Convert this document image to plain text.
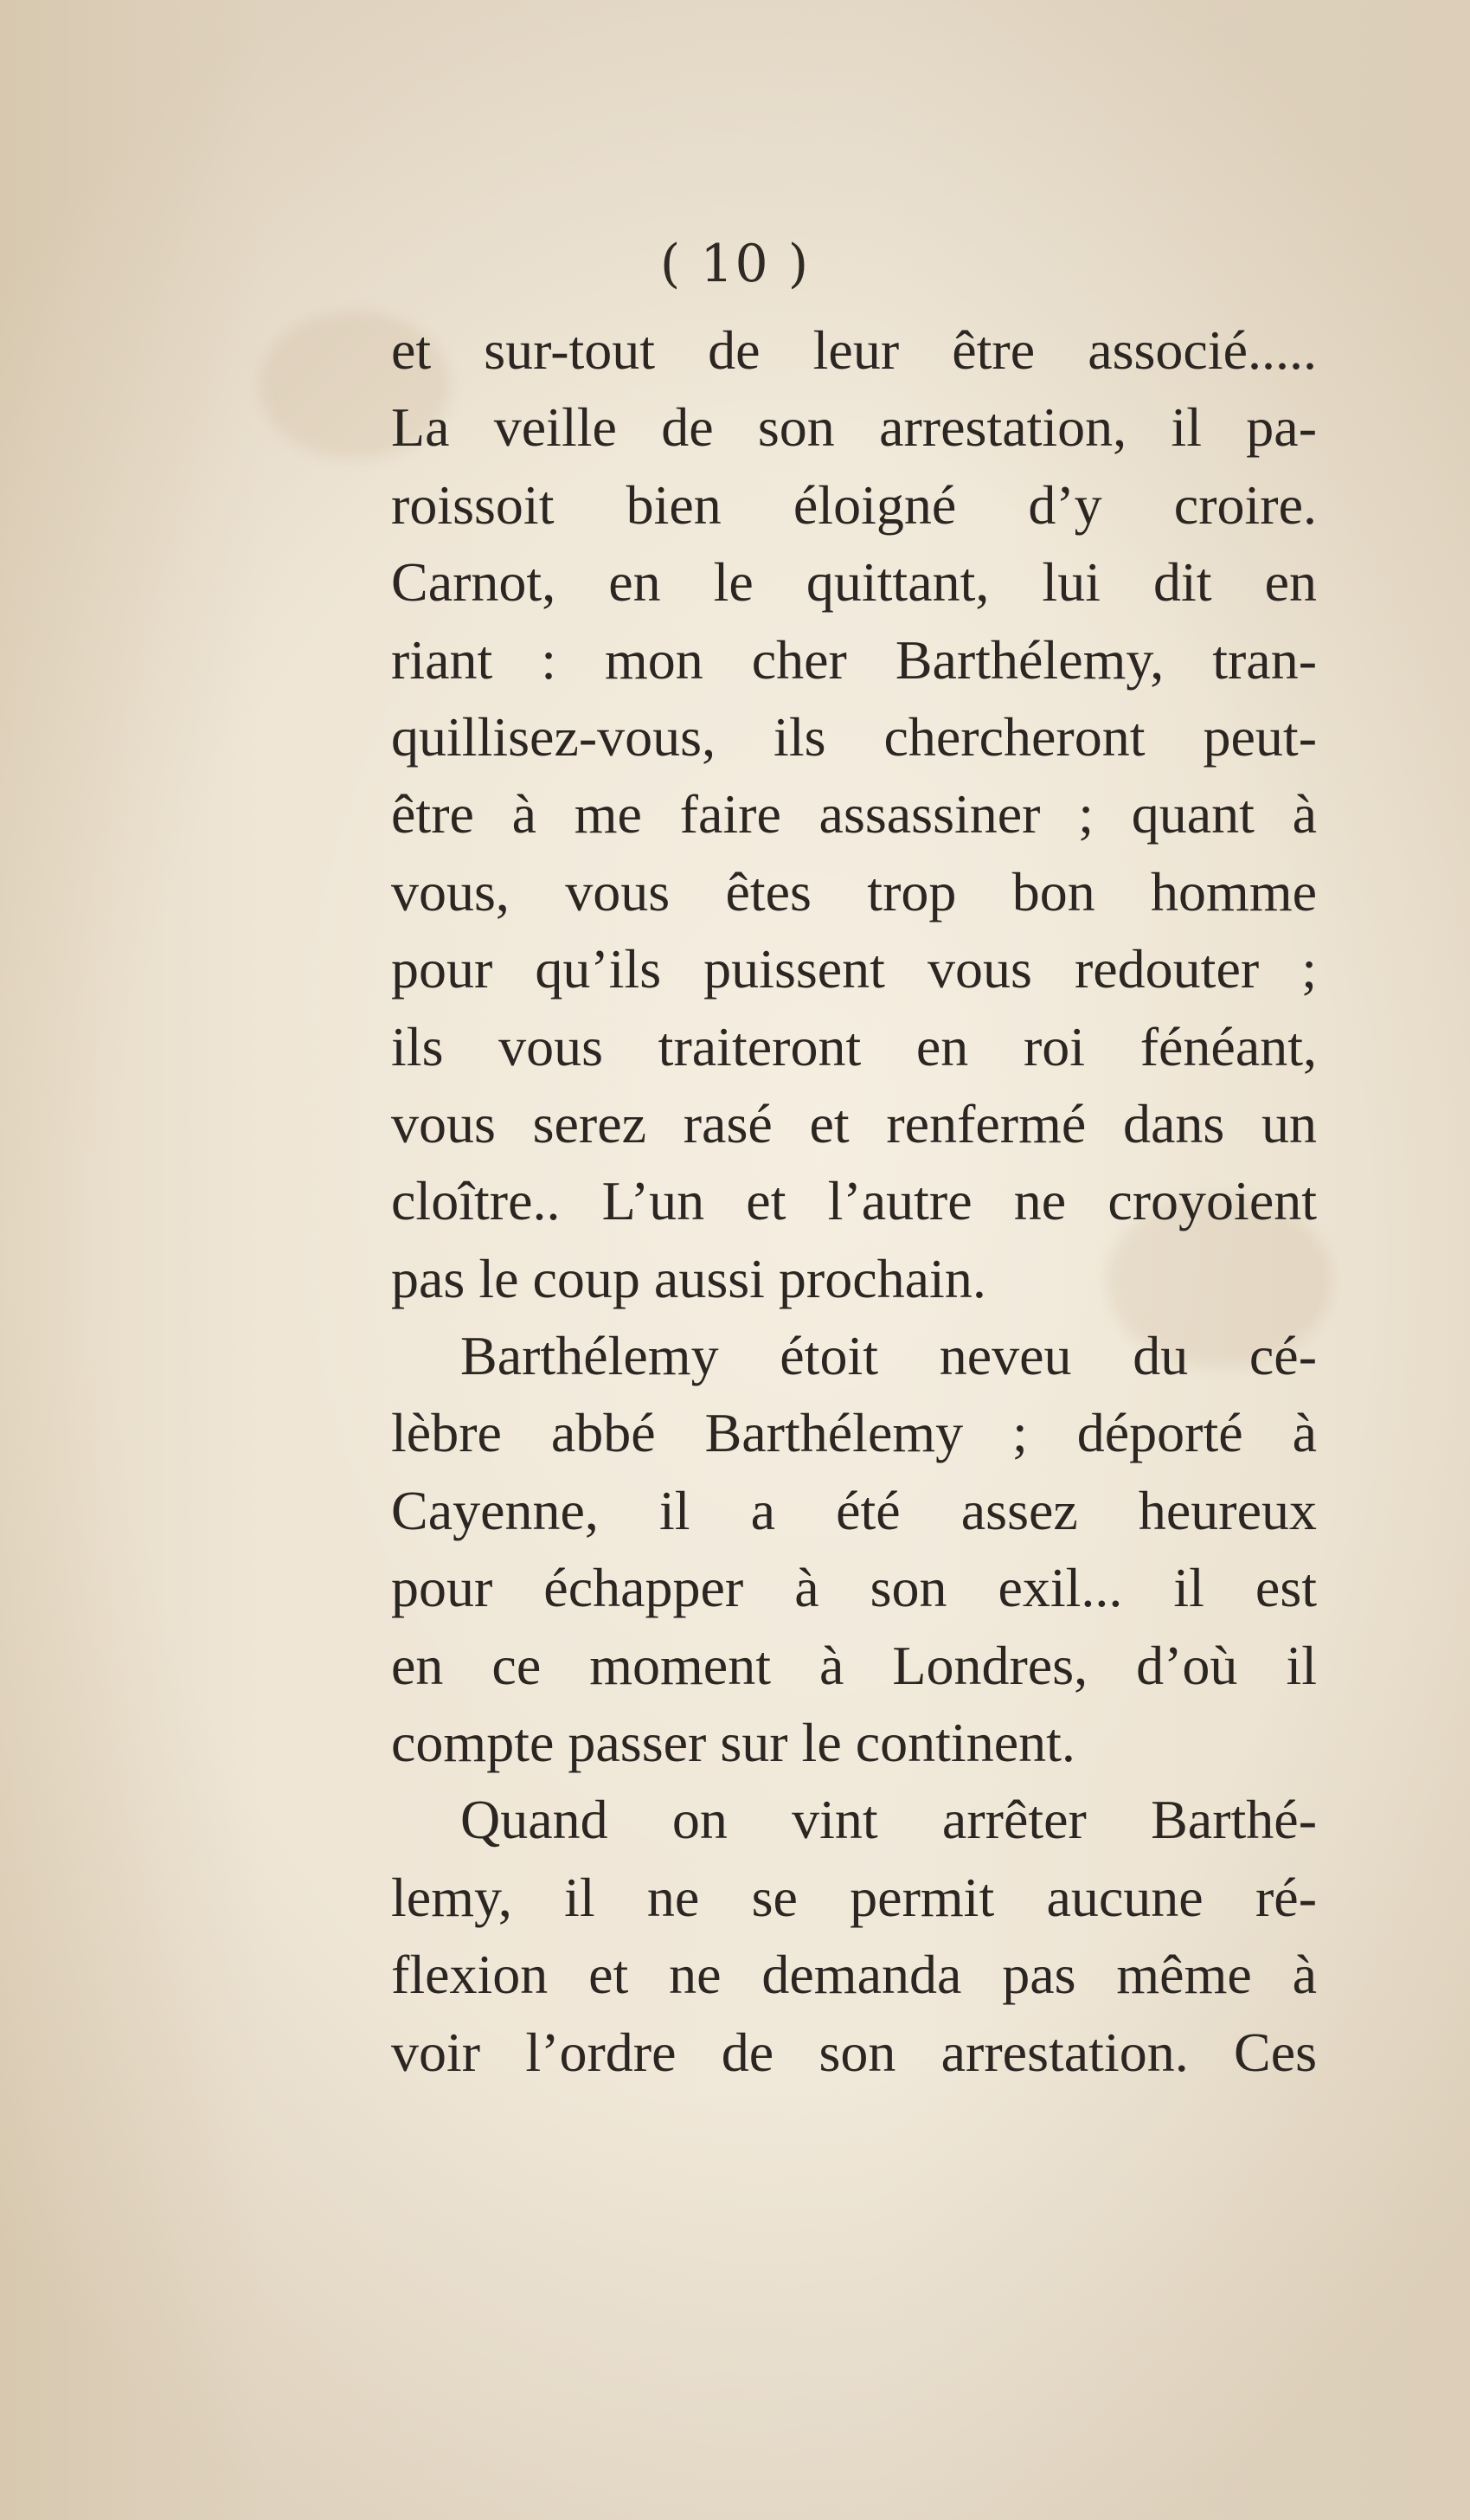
( 10 )
et sur-tout de leur être associé.....
La veille de son arrestation, il pa-
roissoit bien éloigné d’y croire.
Carnot, en le quittant, lui dit en
riant : mon cher Barthélemy, tran-
quillisez-vous, ils chercheront peut-
être à me faire assassiner ; quant à
vous, vous êtes trop bon homme
pour qu’ils puissent vous redouter ;
ils vous traiteront en roi fénéant,
vous serez rasé et renfermé dans un
cloître.. L’un et l’autre ne croyoient
pas le coup aussi prochain.
Barthélemy étoit neveu du cé-
lèbre abbé Barthélemy ; déporté à
Cayenne, il a été assez heureux
pour échapper à son exil... il est
en ce moment à Londres, d’où il
compte passer sur le continent.
Quand on vint arrêter Barthé-
lemy, il ne se permit aucune ré-
flexion et ne demanda pas même à
voir l’ordre de son arrestation. Ces
